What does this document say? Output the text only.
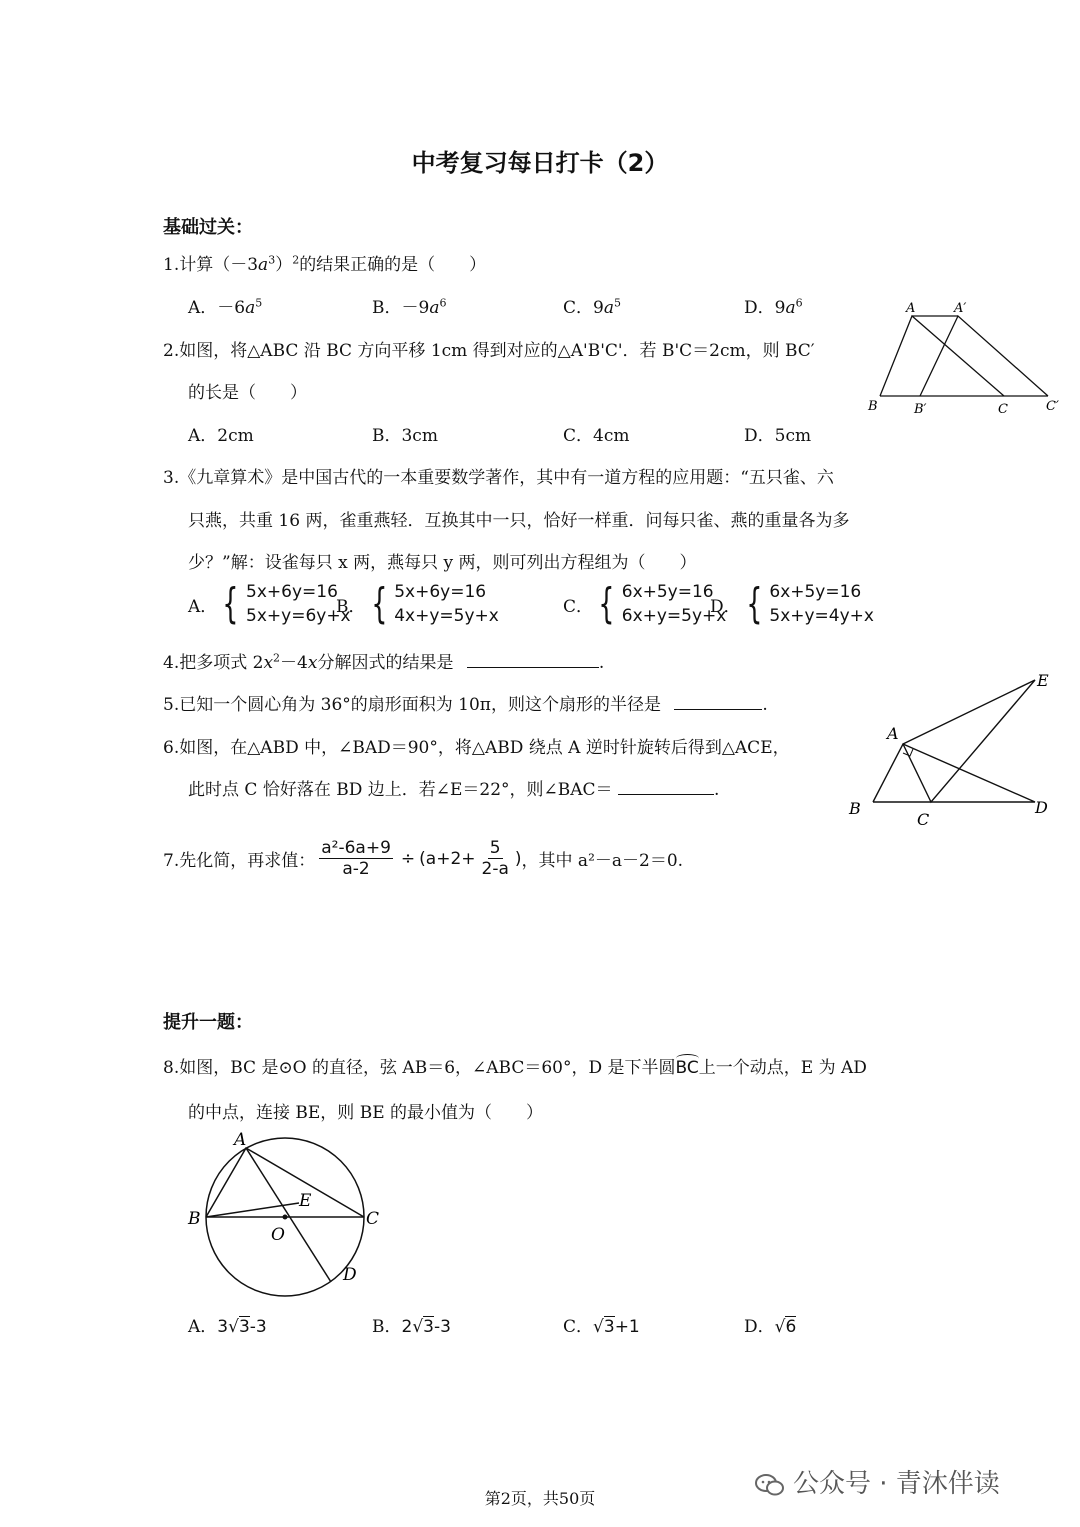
中考复习每日打卡（2）
基础过关：
1.计算$(-3a^3)^2$的结果正确的是（　　）
A．$-6a^5$	B．$-9a^6$	C．$9a^5$	D．$9a^6$
2.如图，将△ABC 沿 BC 方向平移 1cm 得到对应的△A'B'C'．若 B'C＝2cm，则 BC′
的长是（　　）
A．2cm	B．3cm	C．4cm	D．5cm
A	A′
B	B′	C	C′
3.《九章算术》是中国古代的一本重要数学著作，其中有一道方程的应用题：“五只雀、六
只燕，共重 16 两，雀重燕轻．互换其中一只，恰好一样重．问每只雀、燕的重量各为多
少？”解：设雀每只 x 两，燕每只 y 两，则可列出方程组为（　　）
A． { 5x+6y=16
5x+y=6y+x
B． { 5x+6y=16
4x+y=5y+x	C． { 6x+5y=16
6x+y=5y+x
D． { 6x+5y=16
5x+y=4y+x
4.把多项式 $2x^2-4x$分解因式的结果是	.
5.已知一个圆心角为 36°的扇形面积为 10π，则这个扇形的半径是	.
6.如图，在△ABD 中，∠BAD＝90°，将△ABD 绕点 A 逆时针旋转后得到△ACE，
此时点 C 恰好落在 BD 边上．若∠E＝22°，则∠BAC＝	.
A
B
C
D
E
7.先化简，再求值： $\frac{\text{a²-6a+9}}{a-2} \div (a+2+ \frac{5}{2-a}$ ) ，其中 a²－a－2＝0.
提升一题：
8.如图，BC 是⊙O 的直径，弦 AB＝6，∠ABC＝60°，D 是下半圆BC上一个动点，E 为 AD
的中点，连接 BE，则 BE 的最小值为（　　）
A
B	C
O
E
D
A．3√3-3	B．2√3-3	C．√3+1	D．√6
公众号 · 青沐伴读
第2页，共50页
